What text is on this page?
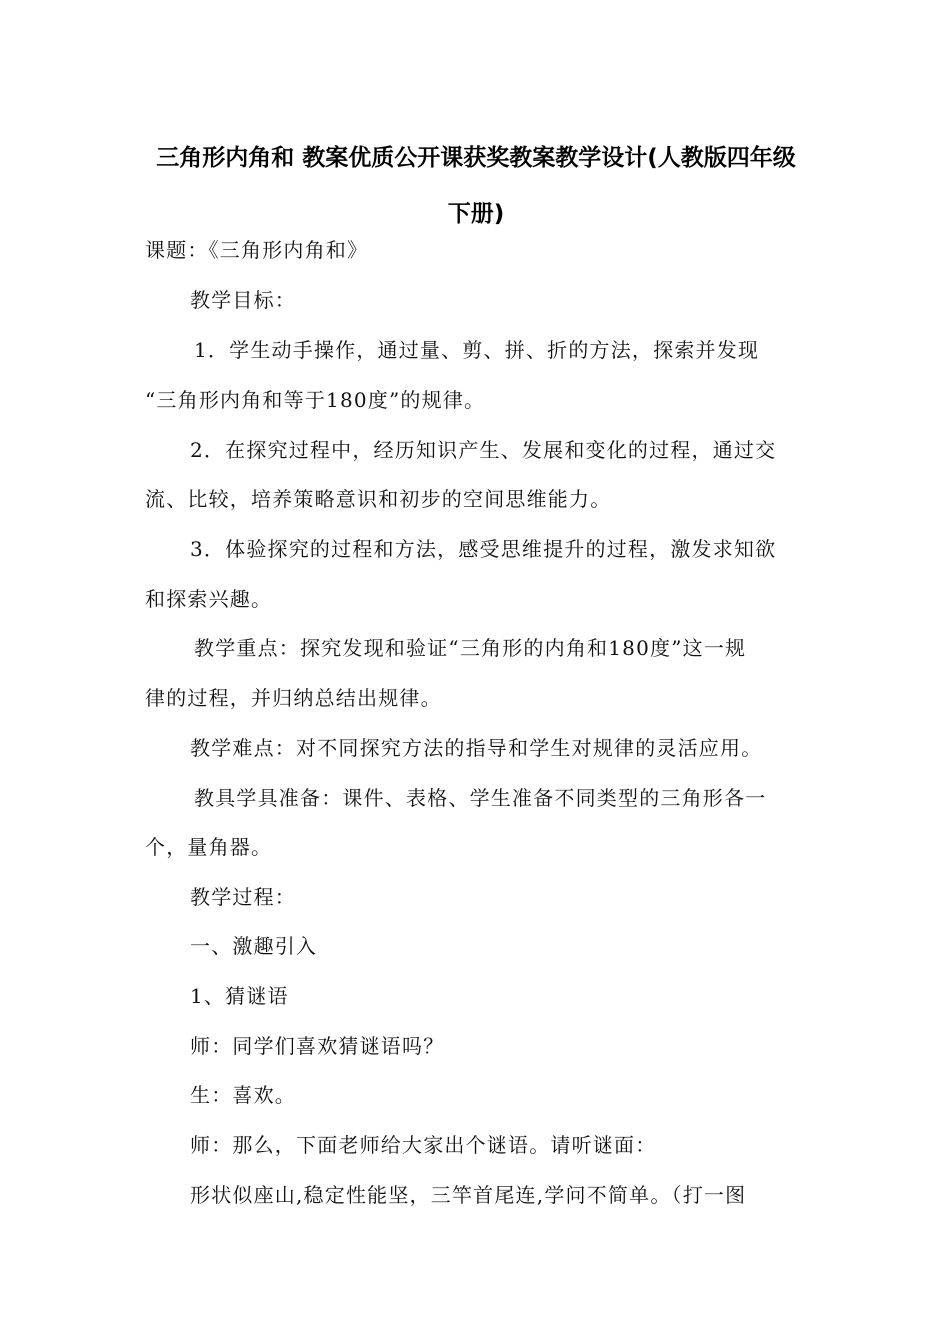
三角形内角和 教案优质公开课获奖教案教学设计(人教版四年级下册)
课题：《三角形内角和》
教学目标：
1．学生动手操作，通过量、剪、拼、折的方法，探索并发现
“三角形内角和等于180度”的规律。
2．在探究过程中，经历知识产生、发展和变化的过程，通过交
流、比较，培养策略意识和初步的空间思维能力。
3．体验探究的过程和方法，感受思维提升的过程，激发求知欲
和探索兴趣。
教学重点：探究发现和验证“三角形的内角和180度”这一规
律的过程，并归纳总结出规律。
教学难点：对不同探究方法的指导和学生对规律的灵活应用。
教具学具准备：课件、表格、学生准备不同类型的三角形各一
个，量角器。
教学过程：
一、激趣引入
1、猜谜语
师：同学们喜欢猜谜语吗？
生：喜欢。
师：那么，下面老师给大家出个谜语。请听谜面：
形状似座山,稳定性能坚，三竿首尾连,学问不简单。（打一图
